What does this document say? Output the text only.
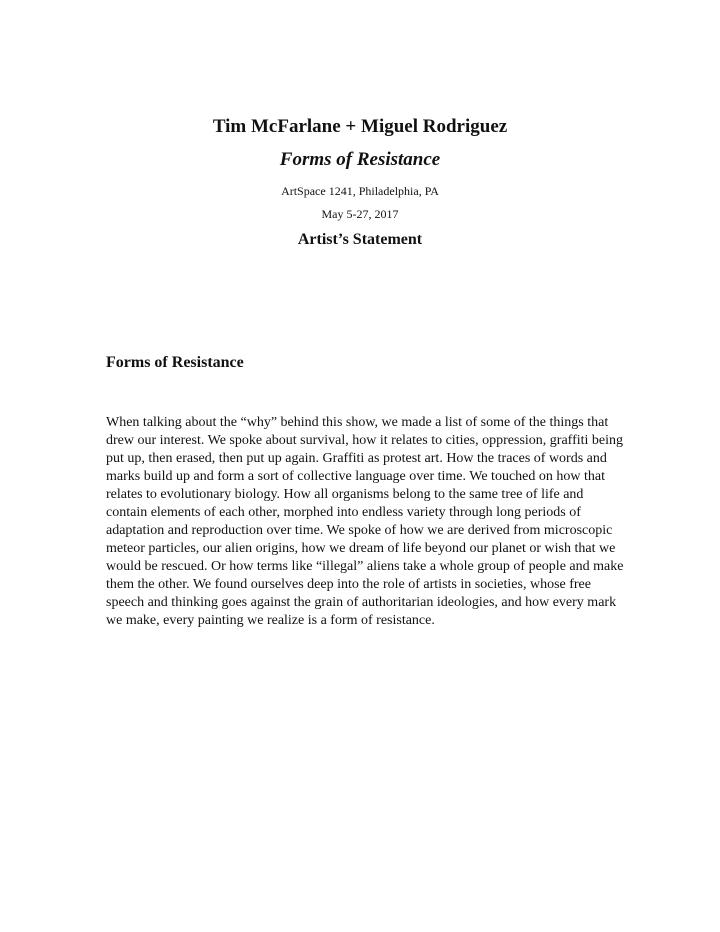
Tim McFarlane + Miguel Rodriguez
Forms of Resistance
ArtSpace 1241, Philadelphia, PA
May 5-27, 2017
Artist’s Statement
Forms of Resistance

When talking about the “why” behind this show, we made a list of some of the things that drew our interest. We spoke about survival, how it relates to cities, oppression, graffiti being put up, then erased, then put up again. Graffiti as protest art. How the traces of words and marks build up and form a sort of collective language over time. We touched on how that relates to evolutionary biology. How all organisms belong to the same tree of life and contain elements of each other, morphed into endless variety through long periods of adaptation and reproduction over time. We spoke of how we are derived from microscopic meteor particles, our alien origins, how we dream of life beyond our planet or wish that we would be rescued. Or how terms like “illegal” aliens take a whole group of people and make them the other. We found ourselves deep into the role of artists in societies, whose free speech and thinking goes against the grain of authoritarian ideologies, and how every mark we make, every painting we realize is a form of resistance.
